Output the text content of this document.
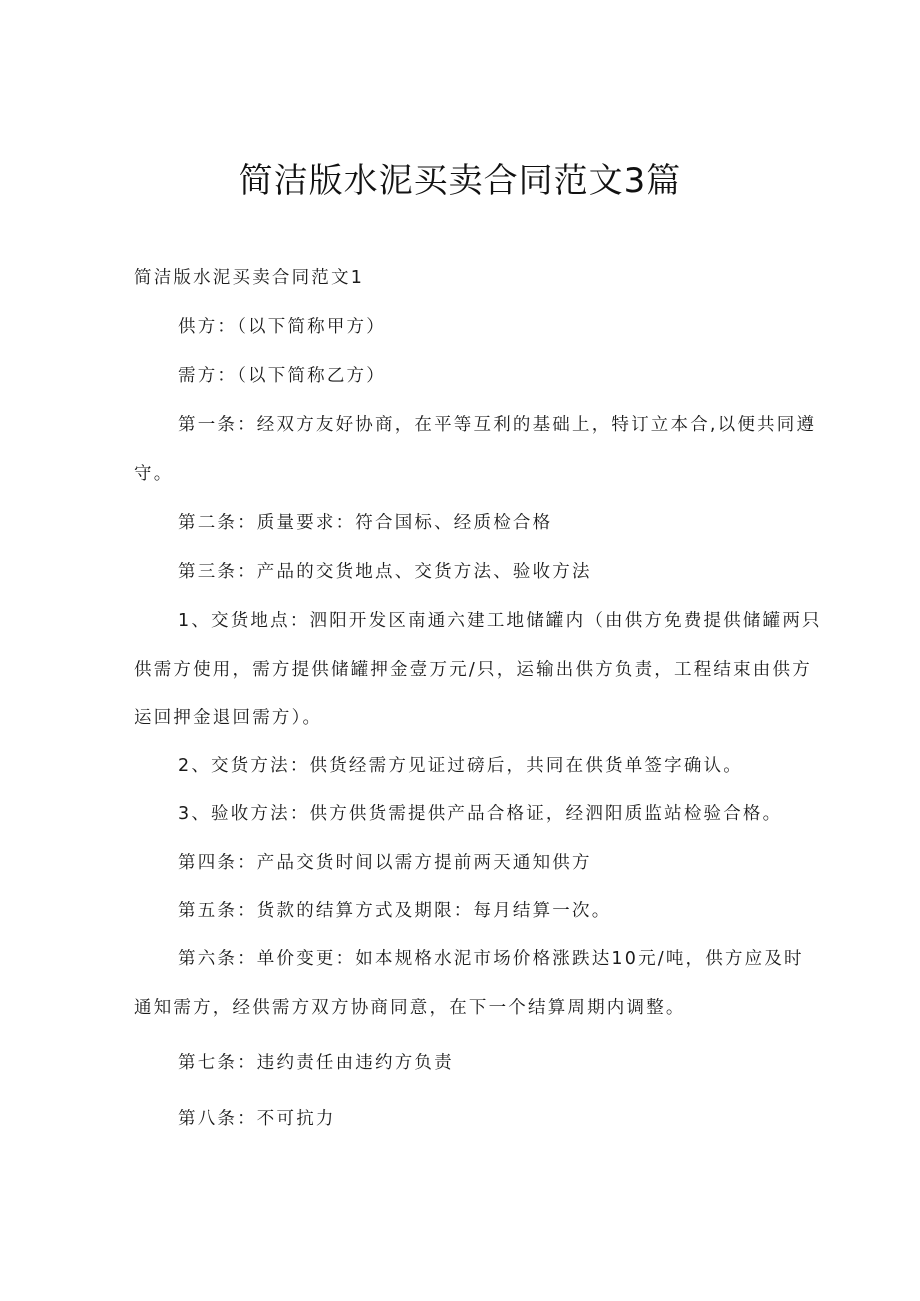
简洁版水泥买卖合同范文3篇
简洁版水泥买卖合同范文1
供方：（以下简称甲方）
需方：（以下简称乙方）
第一条：经双方友好协商，在平等互利的基础上，特订立本合,以便共同遵
守。
第二条：质量要求：符合国标、经质检合格
第三条：产品的交货地点、交货方法、验收方法
1、交货地点：泗阳开发区南通六建工地储罐内（由供方免费提供储罐两只
供需方使用，需方提供储罐押金壹万元/只，运输出供方负责，工程结束由供方
运回押金退回需方）。
2、交货方法：供货经需方见证过磅后，共同在供货单签字确认。
3、验收方法：供方供货需提供产品合格证，经泗阳质监站检验合格。
第四条：产品交货时间以需方提前两天通知供方
第五条：货款的结算方式及期限：每月结算一次。
第六条：单价变更：如本规格水泥市场价格涨跌达10元/吨，供方应及时
通知需方，经供需方双方协商同意，在下一个结算周期内调整。
第七条：违约责任由违约方负责
第八条：不可抗力
